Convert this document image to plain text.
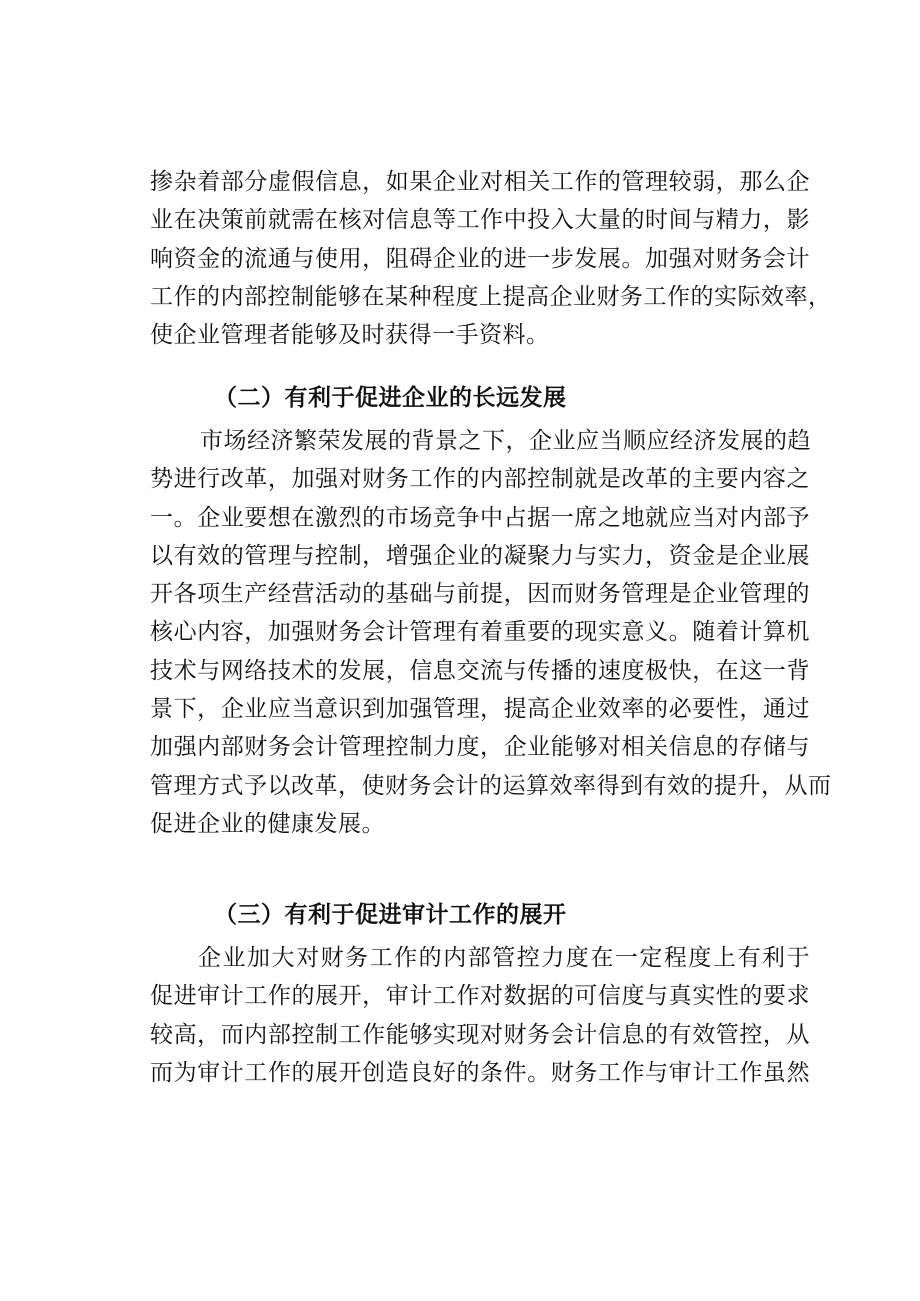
掺杂着部分虚假信息，如果企业对相关工作的管理较弱，那么企
业在决策前就需在核对信息等工作中投入大量的时间与精力，影
响资金的流通与使用，阻碍企业的进一步发展。加强对财务会计
工作的内部控制能够在某种程度上提高企业财务工作的实际效率，
使企业管理者能够及时获得一手资料。
（二）有利于促进企业的长远发展
市场经济繁荣发展的背景之下，企业应当顺应经济发展的趋
势进行改革，加强对财务工作的内部控制就是改革的主要内容之
一。企业要想在激烈的市场竞争中占据一席之地就应当对内部予
以有效的管理与控制，增强企业的凝聚力与实力，资金是企业展
开各项生产经营活动的基础与前提，因而财务管理是企业管理的
核心内容，加强财务会计管理有着重要的现实意义。随着计算机
技术与网络技术的发展，信息交流与传播的速度极快，在这一背
景下，企业应当意识到加强管理，提高企业效率的必要性，通过
加强内部财务会计管理控制力度，企业能够对相关信息的存储与
管理方式予以改革，使财务会计的运算效率得到有效的提升，从而
促进企业的健康发展。
（三）有利于促进审计工作的展开
企业加大对财务工作的内部管控力度在一定程度上有利于
促进审计工作的展开，审计工作对数据的可信度与真实性的要求
较高，而内部控制工作能够实现对财务会计信息的有效管控，从
而为审计工作的展开创造良好的条件。财务工作与审计工作虽然
